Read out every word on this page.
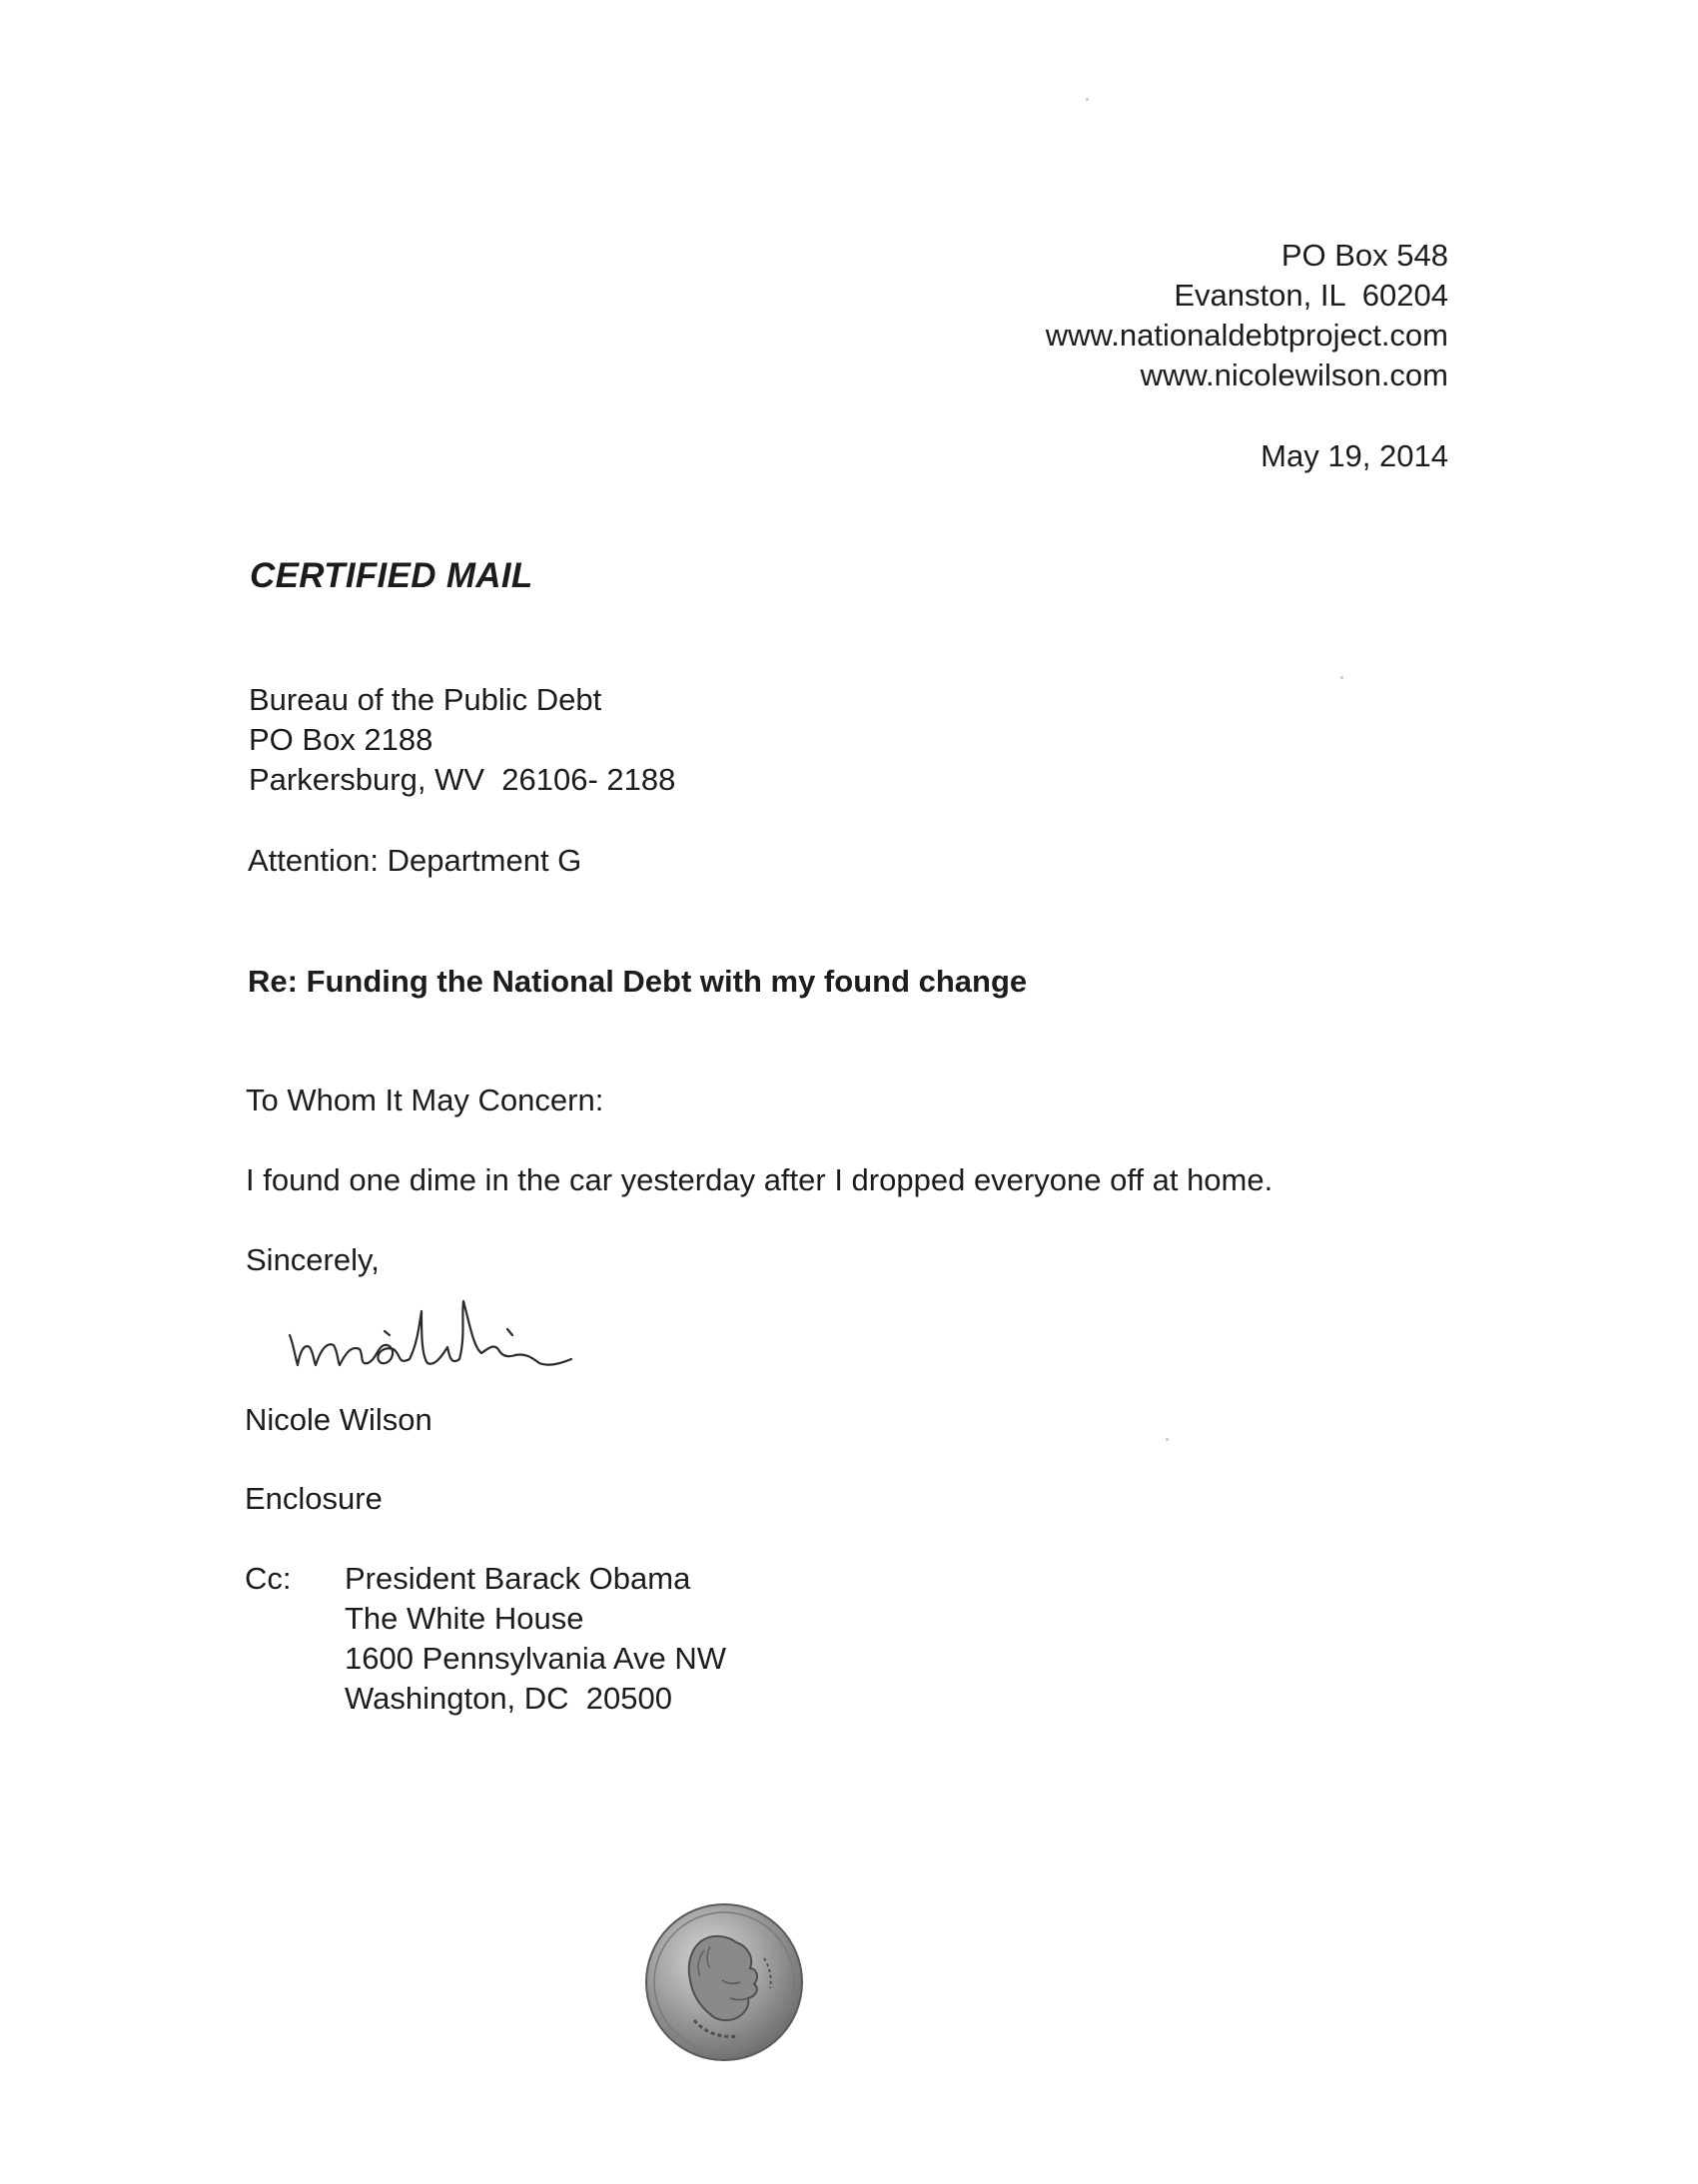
PO Box 548
Evanston, IL  60204
www.nationaldebtproject.com
www.nicolewilson.com
May 19, 2014
CERTIFIED MAIL
Bureau of the Public Debt
PO Box 2188
Parkersburg, WV  26106- 2188
Attention: Department G
Re: Funding the National Debt with my found change
To Whom It May Concern:
I found one dime in the car yesterday after I dropped everyone off at home.
Sincerely,
Nicole Wilson
Enclosure
Cc: President Barack Obama
The White House
1600 Pennsylvania Ave NW
Washington, DC  20500
